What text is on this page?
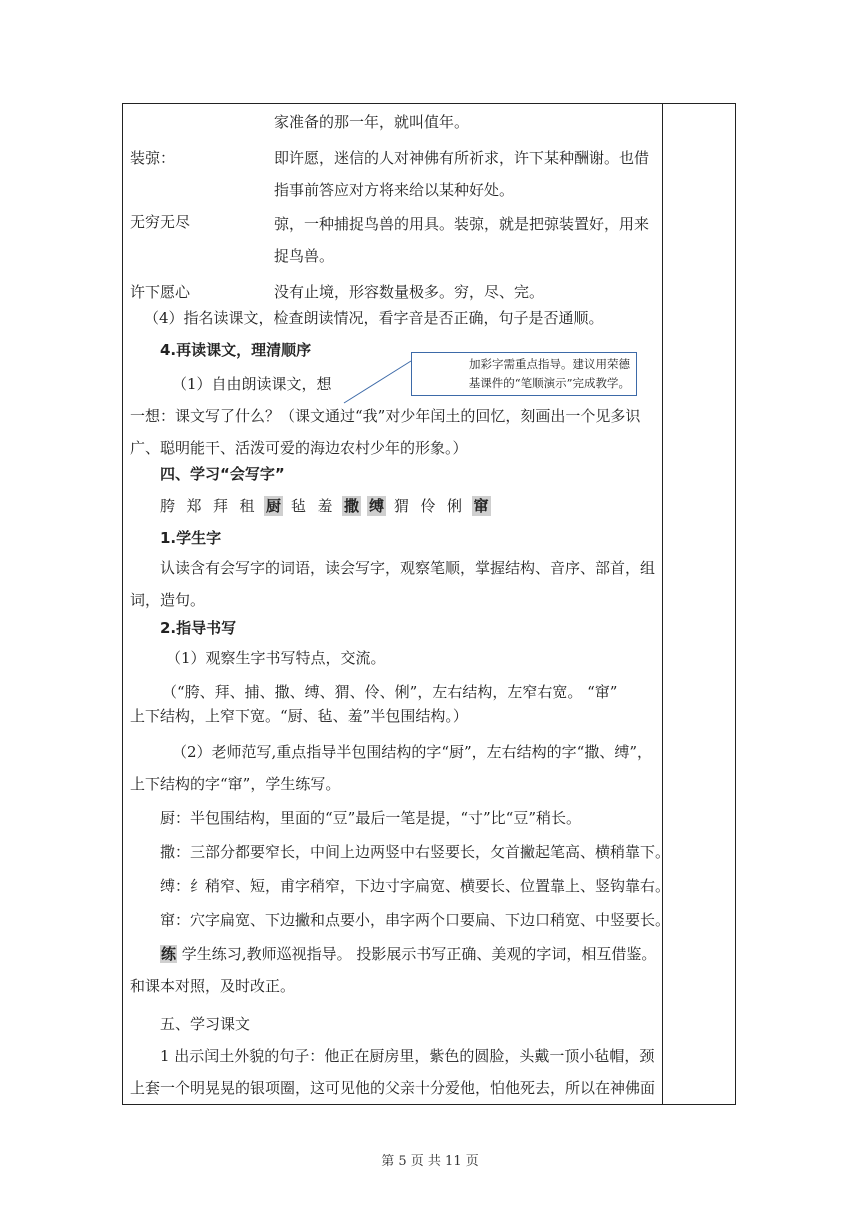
家准备的那一年，就叫值年。
装弶：	即许愿，迷信的人对神佛有所祈求，许下某种酬谢。也借
指事前答应对方将来给以某种好处。
无穷无尽	弶，一种捕捉鸟兽的用具。装弶，就是把弶装置好，用来
捉鸟兽。
许下愿心	没有止境，形容数量极多。穷，尽、完。
（4）指名读课文，检查朗读情况，看字音是否正确，句子是否通顺。
4.再读课文，理清顺序
（1）自由朗读课文，想
加彩字需重点指导。建议用荣德
基课件的“笔顺演示”完成教学。
一想：课文写了什么？（课文通过“我”对少年闰土的回忆，刻画出一个见多识
广、聪明能干、活泼可爱的海边农村少年的形象。）
四、学习“会写字”
胯 郑 拜 租 厨 毡 羞 撒 缚 猬 伶 俐 窜
1.学生字
认读含有会写字的词语，读会写字，观察笔顺，掌握结构、音序、部首，组
词，造句。
2.指导书写
（1）观察生字书写特点，交流。
（“胯、拜、捕、撒、缚、猬、伶、俐”，左右结构，左窄右宽。 “窜”
上下结构，上窄下宽。“厨、毡、羞”半包围结构。）
（2）老师范写,重点指导半包围结构的字“厨”，左右结构的字“撒、缚”，
上下结构的字“窜”，学生练写。
厨：半包围结构，里面的“豆”最后一笔是提，“寸”比“豆”稍长。
撒：三部分都要窄长，中间上边两竖中右竖要长，攵首撇起笔高、横稍靠下。
缚：纟稍窄、短，甫字稍窄，下边寸字扁宽、横要长、位置靠上、竖钩靠右。
窜：穴字扁宽、下边撇和点要小，串字两个口要扁、下边口稍宽、中竖要长。
练 学生练习,教师巡视指导。 投影展示书写正确、美观的字词，相互借鉴。
和课本对照，及时改正。
五、学习课文
1 出示闰土外貌的句子：他正在厨房里，紫色的圆脸，头戴一顶小毡帽，颈
上套一个明晃晃的银项圈，这可见他的父亲十分爱他，怕他死去，所以在神佛面
第 5 页 共 11 页
